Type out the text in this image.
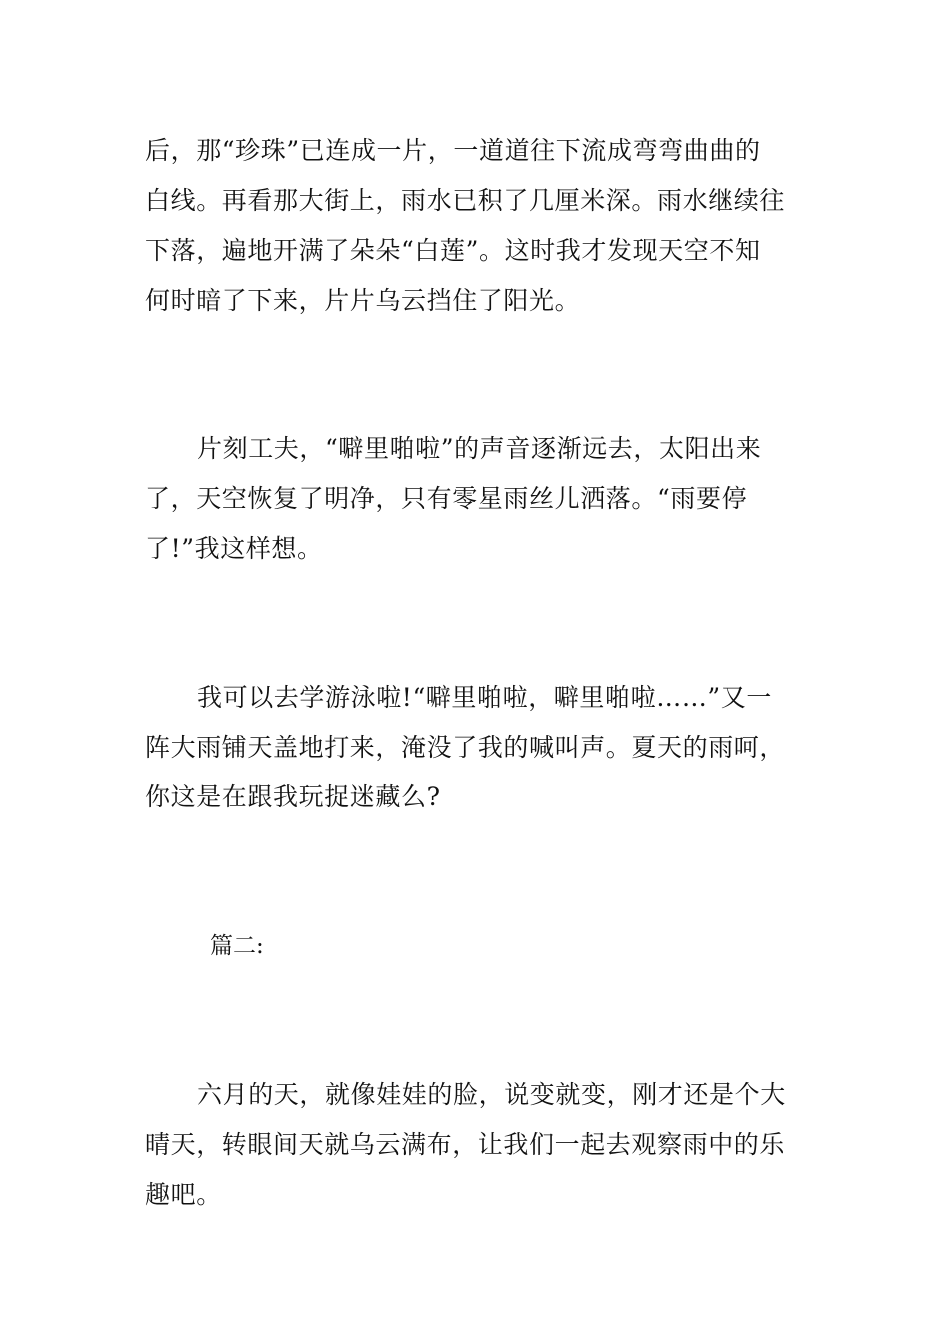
后，那“珍珠”已连成一片，一道道往下流成弯弯曲曲的
白线。再看那大街上，雨水已积了几厘米深。雨水继续往
下落，遍地开满了朵朵“白莲”。这时我才发现天空不知
何时暗了下来，片片乌云挡住了阳光。
片刻工夫，“噼里啪啦”的声音逐渐远去，太阳出来
了，天空恢复了明净，只有零星雨丝儿洒落。“雨要停
了!”我这样想。
我可以去学游泳啦!“噼里啪啦，噼里啪啦……”又一
阵大雨铺天盖地打来，淹没了我的喊叫声。夏天的雨呵，
你这是在跟我玩捉迷藏么?
篇二:
六月的天，就像娃娃的脸，说变就变，刚才还是个大
晴天，转眼间天就乌云满布，让我们一起去观察雨中的乐
趣吧。
